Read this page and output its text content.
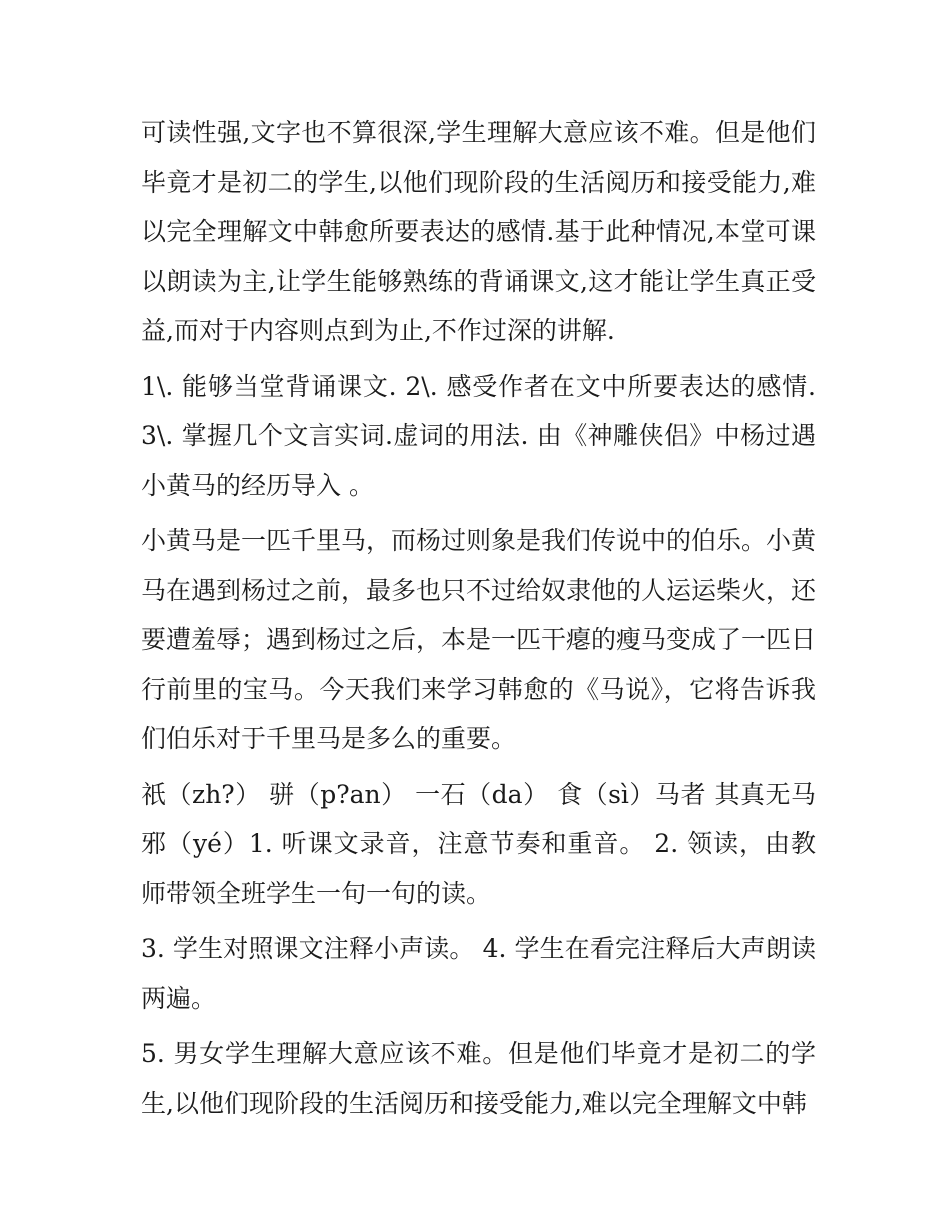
可读性强,文字也不算很深,学生理解大意应该不难。但是他们毕竟才是初二的学生,以他们现阶段的生活阅历和接受能力,难以完全理解文中韩愈所要表达的感情.基于此种情况,本堂可课以朗读为主,让学生能够熟练的背诵课文,这才能让学生真正受益,而对于内容则点到为止,不作过深的讲解.

1\. 能够当堂背诵课文. 2\. 感受作者在文中所要表达的感情. 3\. 掌握几个文言实词.虚词的用法. 由《神雕侠侣》中杨过遇小黄马的经历导入 。

小黄马是一匹千里马，而杨过则象是我们传说中的伯乐。小黄马在遇到杨过之前，最多也只不过给奴隶他的人运运柴火，还要遭羞辱；遇到杨过之后，本是一匹干瘪的瘦马变成了一匹日行前里的宝马。今天我们来学习韩愈的《马说》，它将告诉我们伯乐对于千里马是多么的重要。

祇（zh?） 骈（p?an） 一石（da） 食（sì）马者 其真无马邪（yé）1. 听课文录音，注意节奏和重音。 2. 领读，由教师带领全班学生一句一句的读。

3. 学生对照课文注释小声读。 4. 学生在看完注释后大声朗读两遍。

5. 男女学生理解大意应该不难。但是他们毕竟才是初二的学生,以他们现阶段的生活阅历和接受能力,难以完全理解文中韩
